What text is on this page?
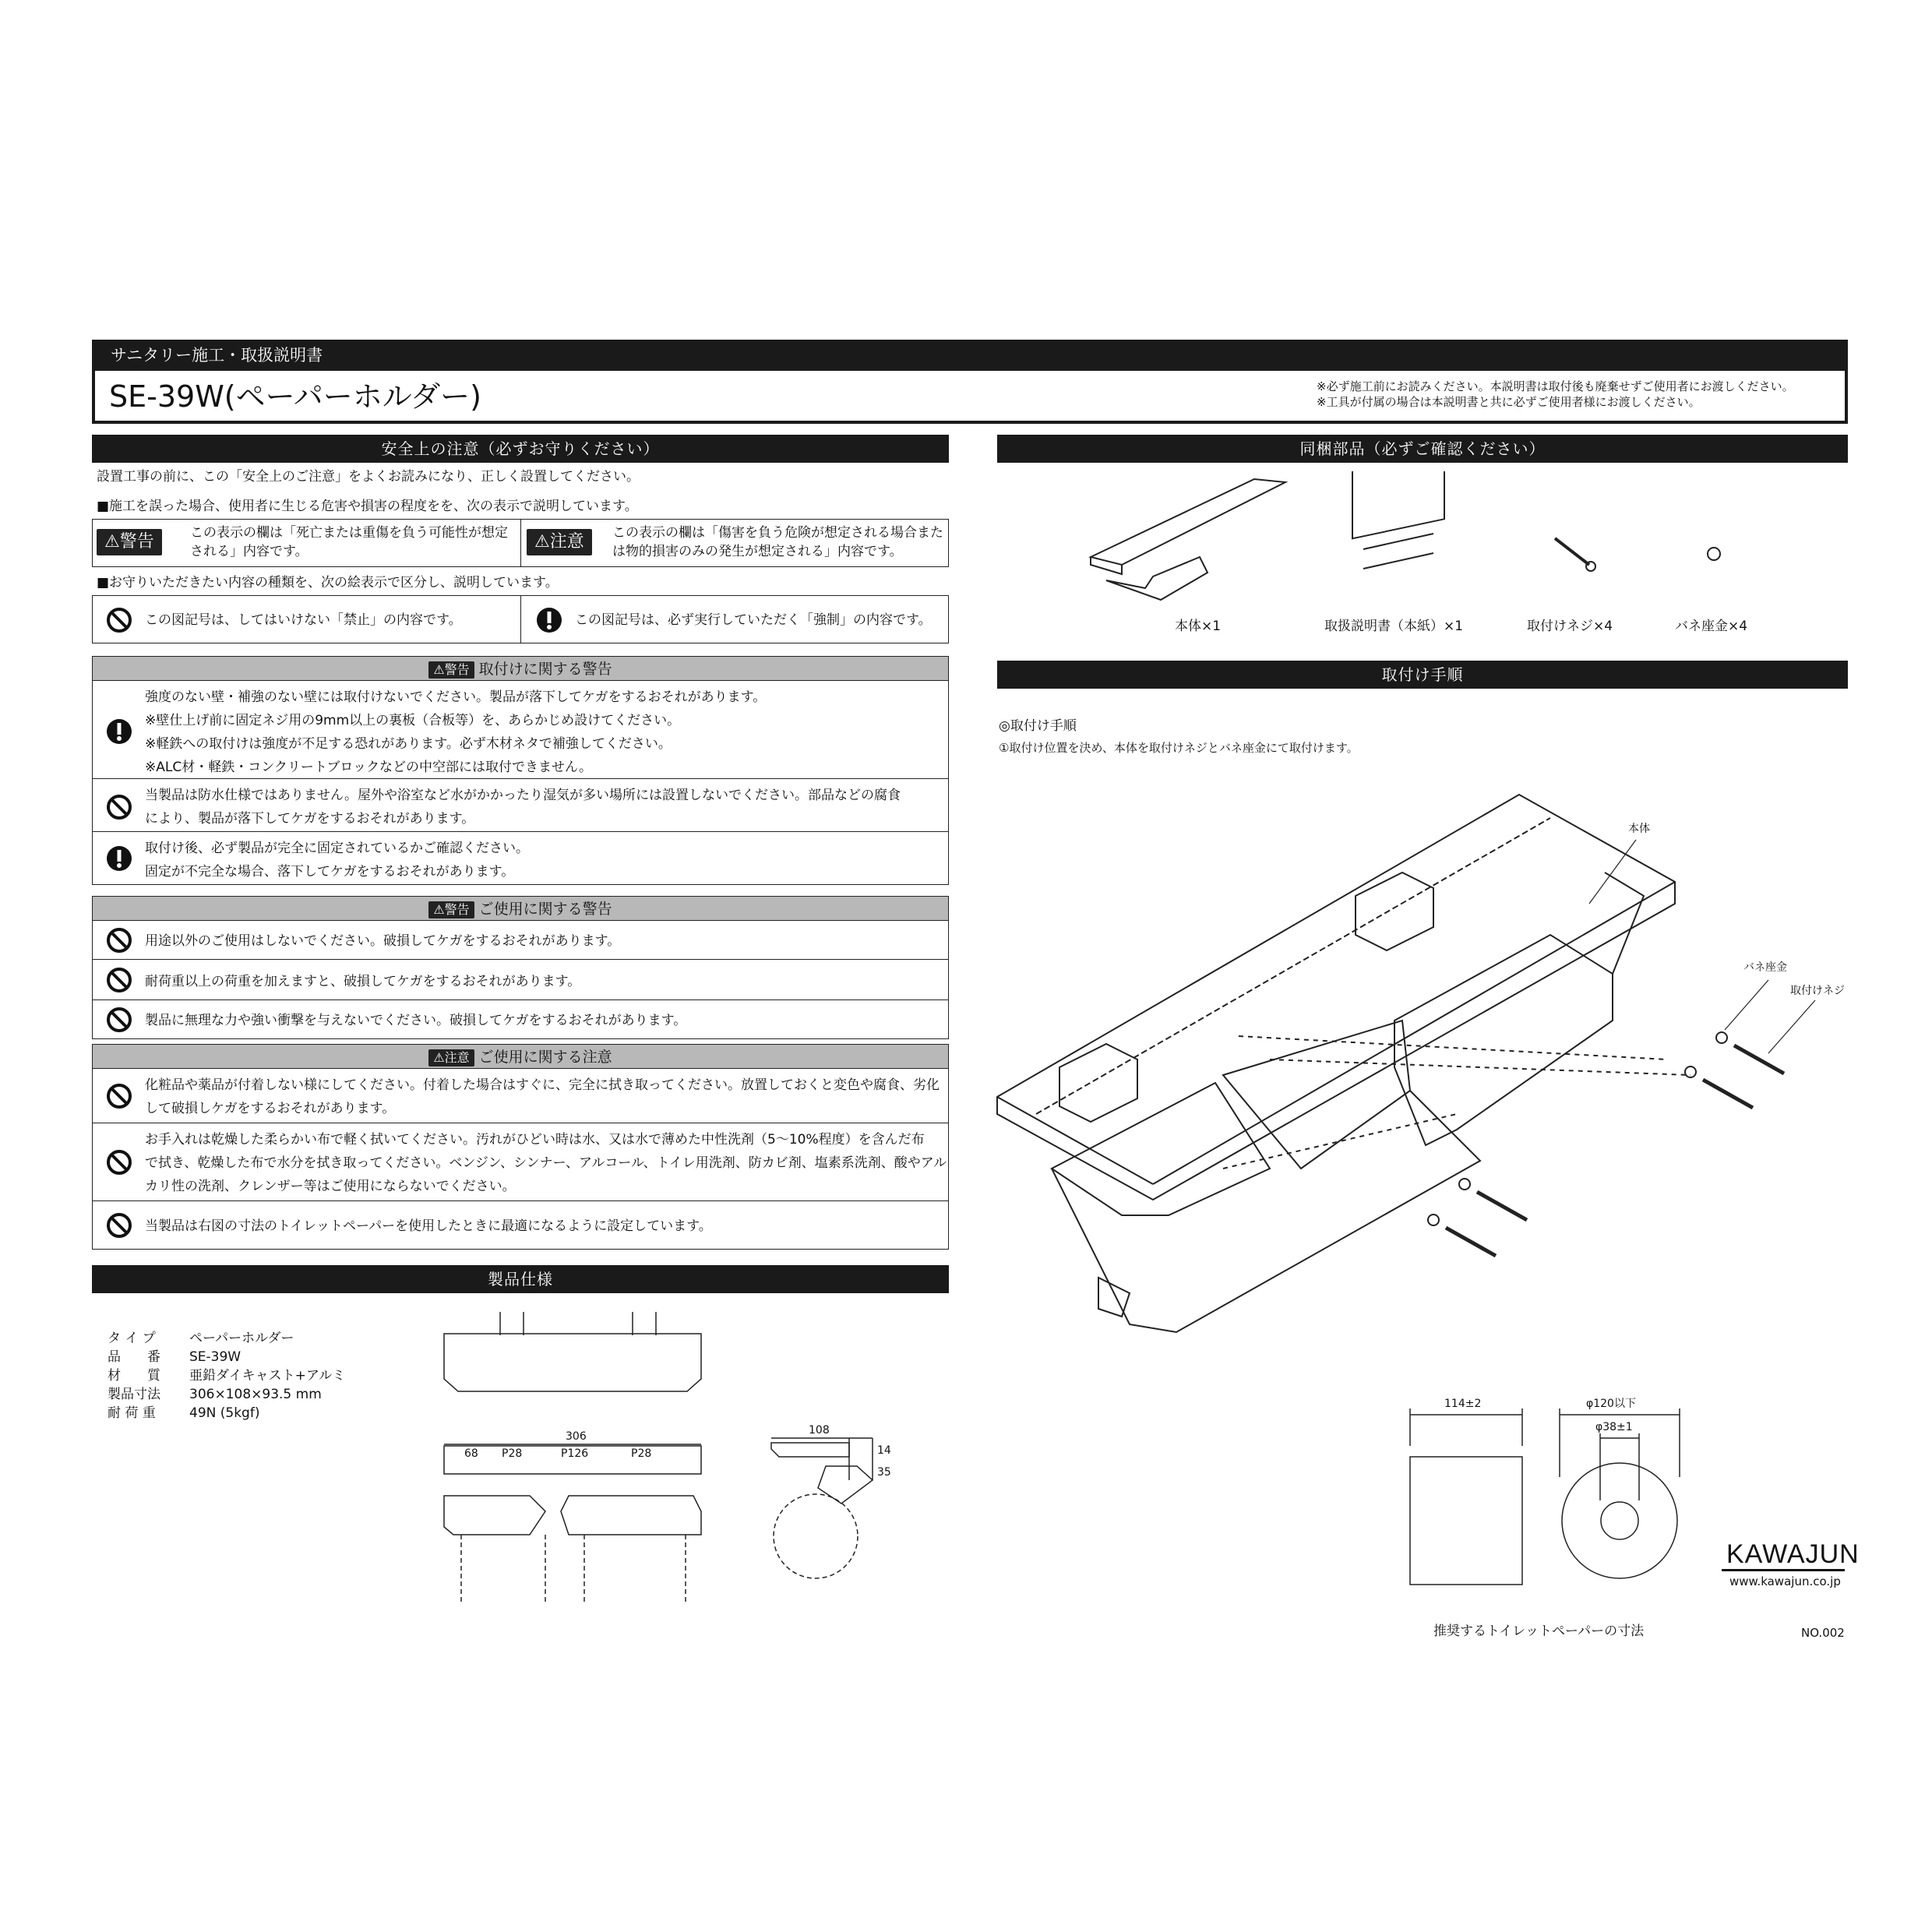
サニタリー施工・取扱説明書
SE-39W(ペーパーホルダー)	※必ず施工前にお読みください。本説明書は取付後も廃棄せずご使用者にお渡しください。
※工具が付属の場合は本説明書と共に必ずご使用者様にお渡しください。
安全上の注意（必ずお守りください）
設置工事の前に、この「安全上のご注意」をよくお読みになり、正しく設置してください。
■施工を誤った場合、使用者に生じる危害や損害の程度をを、次の表示で説明しています。
⚠警告	この表示の欄は「死亡または重傷を負う可能性が想定される」内容です。	⚠注意	この表示の欄は「傷害を負う危険が想定される場合または物的損害のみの発生が想定される」内容です。
■お守りいただきたい内容の種類を、次の絵表示で区分し、説明しています。
この図記号は、してはいけない「禁止」の内容です。	この図記号は、必ず実行していただく「強制」の内容です。
⚠警告 取付けに関する警告
強度のない壁・補強のない壁には取付けないでください。製品が落下してケガをするおそれがあります。
※壁仕上げ前に固定ネジ用の9mm以上の裏板（合板等）を、あらかじめ設けてください。
※軽鉄への取付けは強度が不足する恐れがあります。必ず木材ネタで補強してください。
※ALC材・軽鉄・コンクリートブロックなどの中空部には取付できません。
当製品は防水仕様ではありません。屋外や浴室など水がかかったり湿気が多い場所には設置しないでください。部品などの腐食
により、製品が落下してケガをするおそれがあります。
取付け後、必ず製品が完全に固定されているかご確認ください。
固定が不完全な場合、落下してケガをするおそれがあります。
⚠警告 ご使用に関する警告
用途以外のご使用はしないでください。破損してケガをするおそれがあります。
耐荷重以上の荷重を加えますと、破損してケガをするおそれがあります。
製品に無理な力や強い衝撃を与えないでください。破損してケガをするおそれがあります。
⚠注意 ご使用に関する注意
化粧品や薬品が付着しない様にしてください。付着した場合はすぐに、完全に拭き取ってください。放置しておくと変色や腐食、劣化
して破損しケガをするおそれがあります。
お手入れは乾燥した柔らかい布で軽く拭いてください。汚れがひどい時は水、又は水で薄めた中性洗剤（5〜10%程度）を含んだ布
で拭き、乾燥した布で水分を拭き取ってください。ベンジン、シンナー、アルコール、トイレ用洗剤、防カビ剤、塩素系洗剤、酸やアル
カリ性の洗剤、クレンザー等はご使用にならないでください。
当製品は右図の寸法のトイレットペーパーを使用したときに最適になるように設定しています。
製品仕様
タ イ プ	ペーパーホルダー
品　　番 SE-39W
材　　質 亜鉛ダイキャスト+アルミ
製品寸法 306×108×93.5 mm
耐 荷 重	49N (5kgf)
306
68 P28	P126	P28
108
14
35
同梱部品（必ずご確認ください）
本体×1	取扱説明書（本紙）×1	取付けネジ×4	バネ座金×4
取付け手順
◎取付け手順
①取付け位置を決め、本体を取付けネジとバネ座金にて取付けます。
本体
バネ座金
取付けネジ
114±2	φ120以下
φ38±1
推奨するトイレットペーパーの寸法
KAWAJUN
www.kawajun.co.jp
NO.002
